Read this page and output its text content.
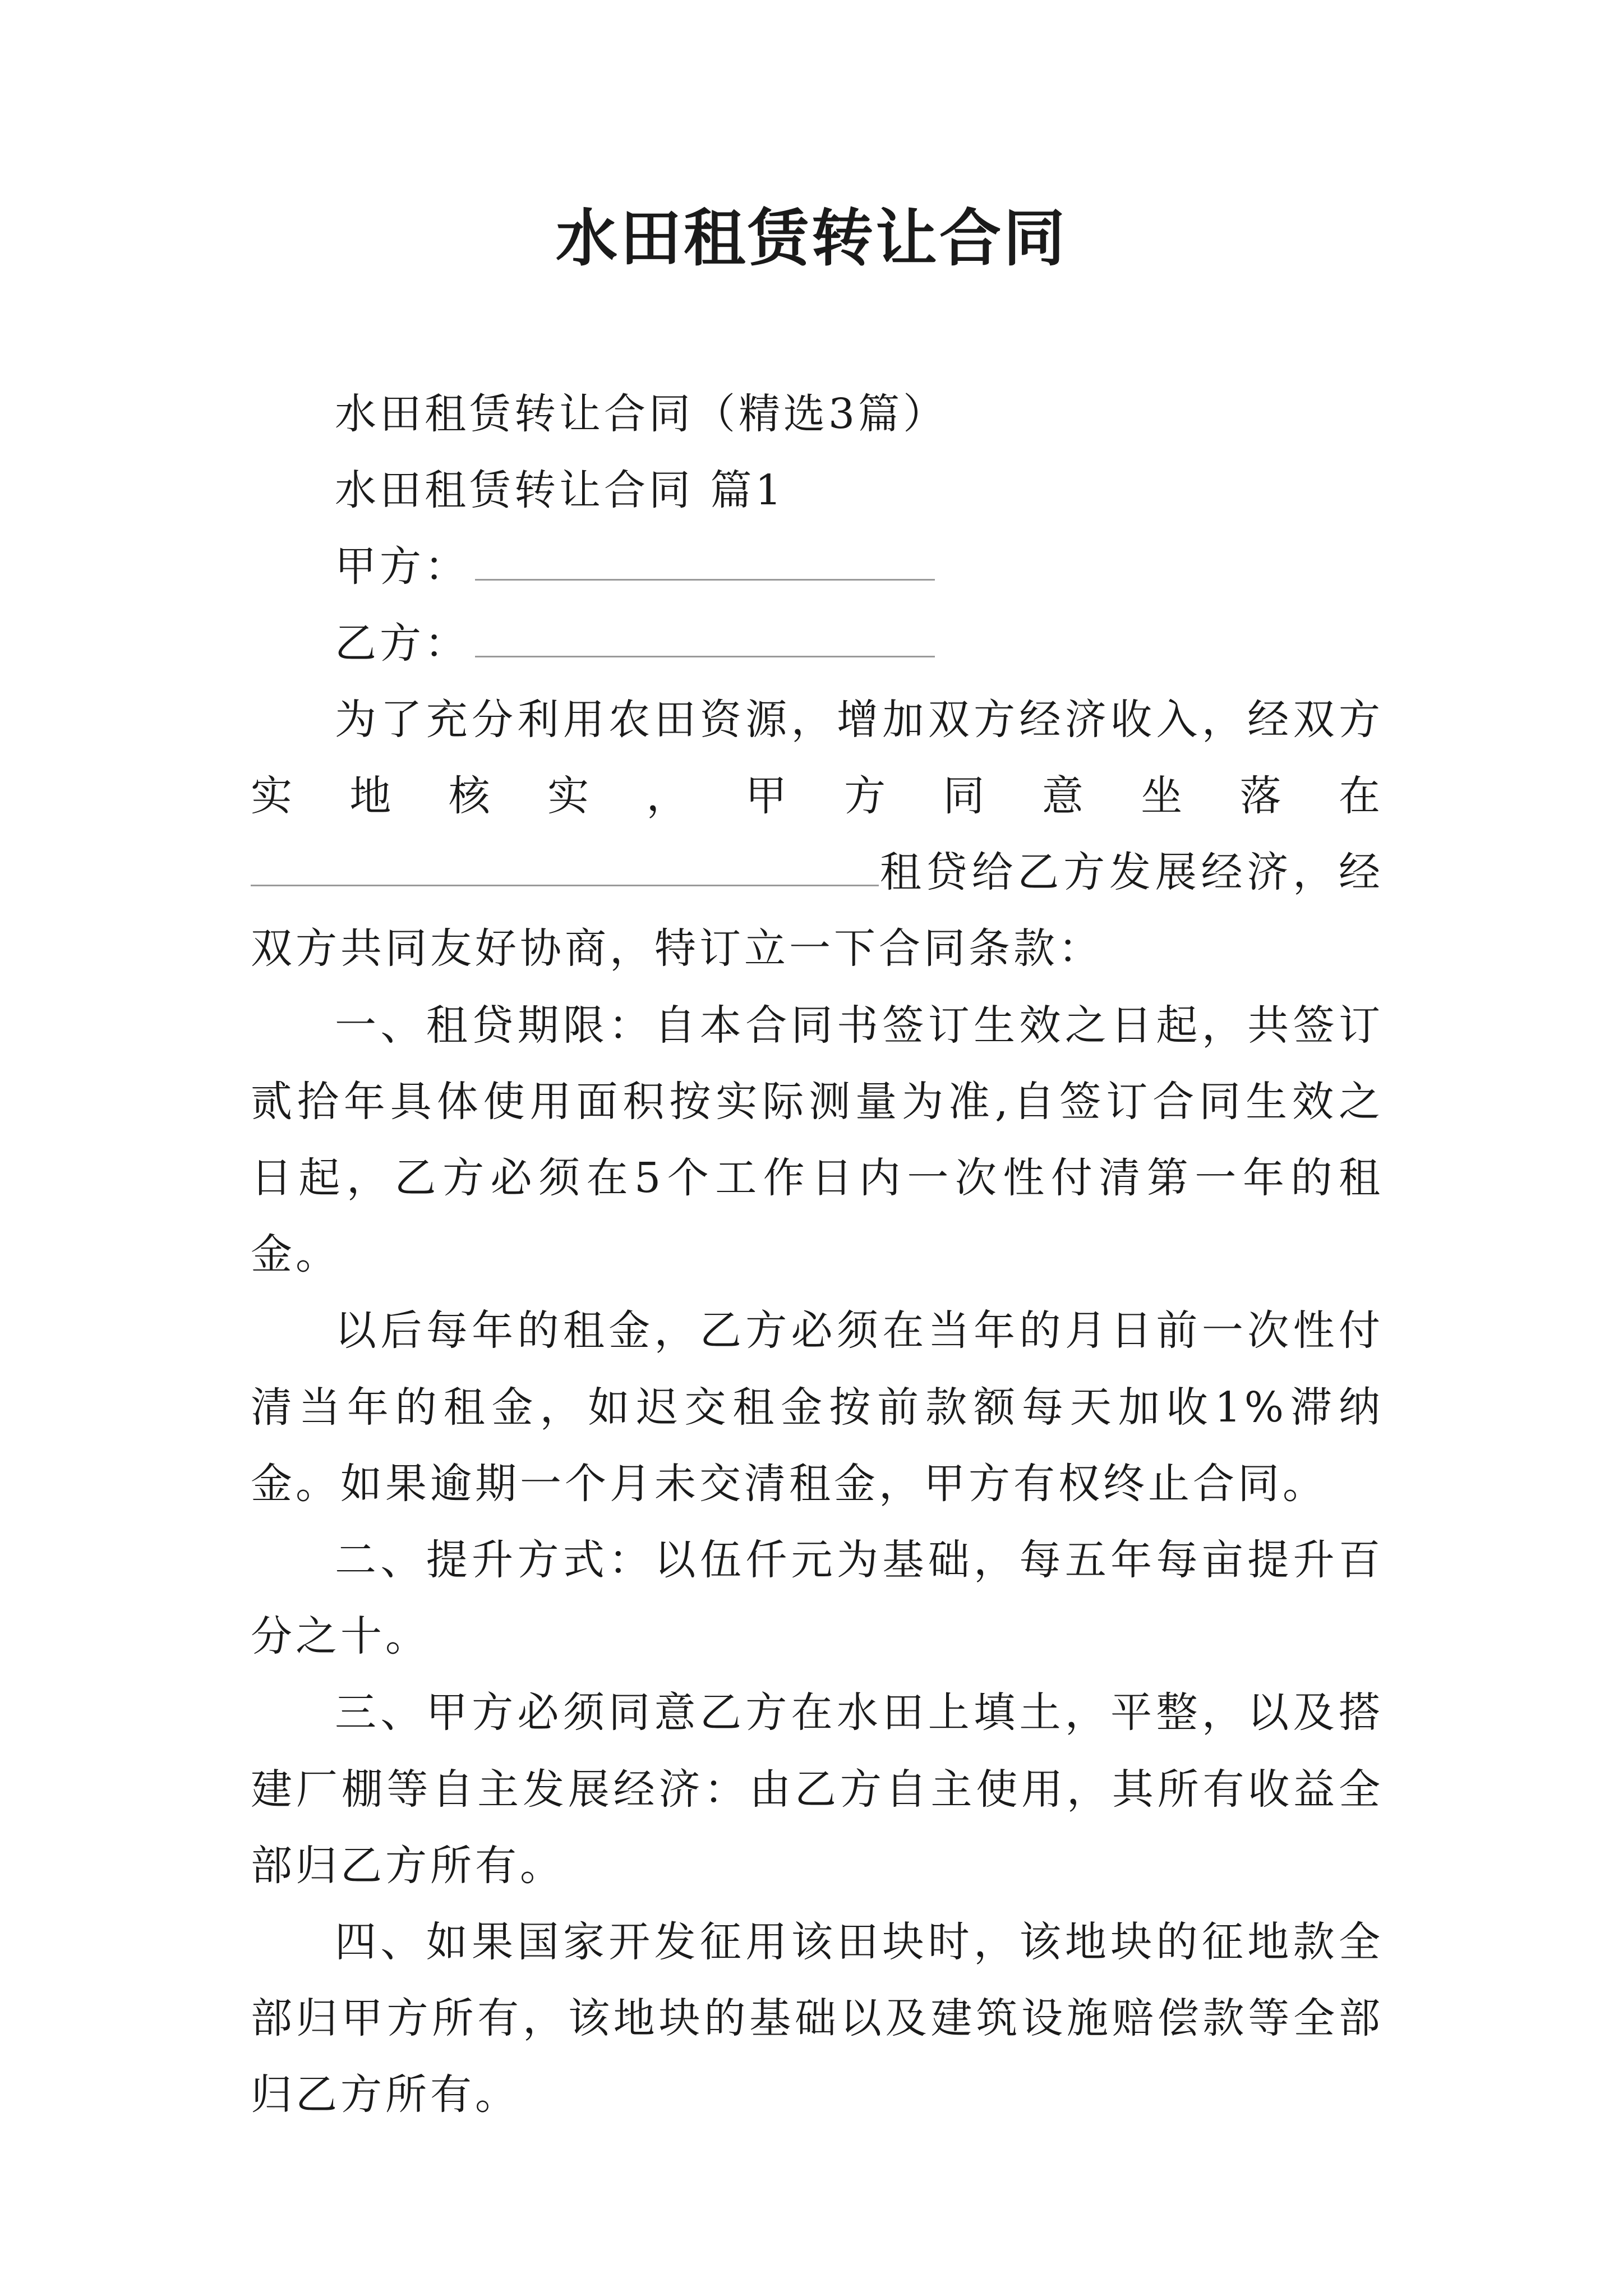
水田租赁转让合同

水田租赁转让合同（精选3篇）

水田租赁转让合同 篇1

甲方：

乙方：

为了充分利用农田资源，增加双方经济收入，经双方实地核实，甲方同意坐落在租贷给乙方发展经济，经双方共同友好协商，特订立一下合同条款：

一、租贷期限：自本合同书签订生效之日起，共签订贰拾年具体使用面积按实际测量为准,自签订合同生效之日起，乙方必须在5个工作日内一次性付清第一年的租金。

以后每年的租金，乙方必须在当年的月日前一次性付清当年的租金，如迟交租金按前款额每天加收1%滞纳金。如果逾期一个月未交清租金，甲方有权终止合同。

二、提升方式：以伍仟元为基础，每五年每亩提升百分之十。

三、甲方必须同意乙方在水田上填土，平整，以及搭建厂棚等自主发展经济：由乙方自主使用，其所有收益全部归乙方所有。

四、如果国家开发征用该田块时，该地块的征地款全部归甲方所有，该地块的基础以及建筑设施赔偿款等全部归乙方所有。
